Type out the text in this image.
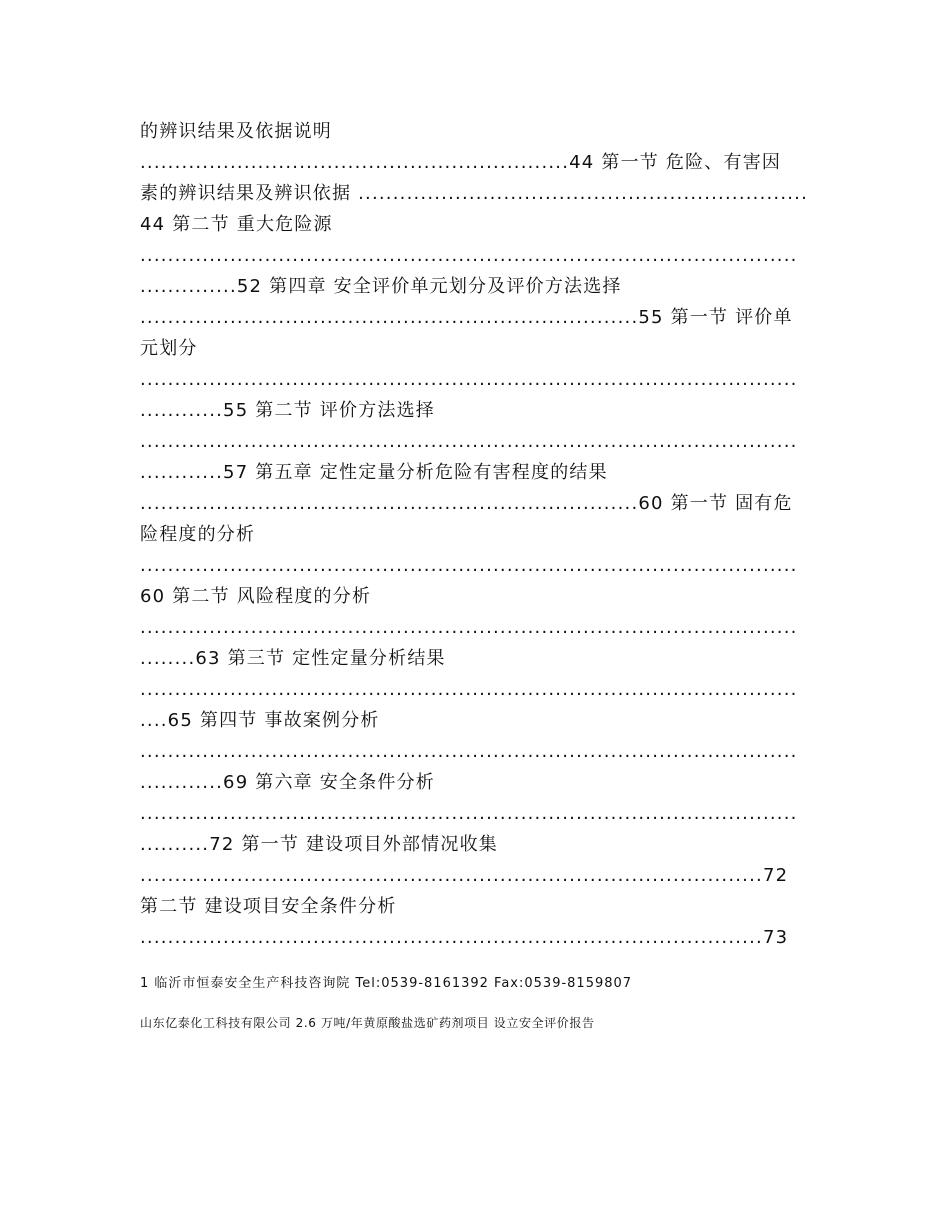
的辨识结果及依据说明
..............................................................44 第一节 危险、有害因
素的辨识结果及辨识依据 .................................................................
44 第二节 重大危险源
...............................................................................................
..............52 第四章 安全评价单元划分及评价方法选择
........................................................................55 第一节 评价单
元划分
...............................................................................................
............55 第二节 评价方法选择
...............................................................................................
............57 第五章 定性定量分析危险有害程度的结果
........................................................................60 第一节 固有危
险程度的分析
...............................................................................................
60 第二节 风险程度的分析
...............................................................................................
........63 第三节 定性定量分析结果
...............................................................................................
....65 第四节 事故案例分析
...............................................................................................
............69 第六章 安全条件分析
...............................................................................................
..........72 第一节 建设项目外部情况收集
..........................................................................................72
第二节 建设项目安全条件分析
..........................................................................................73
1 临沂市恒泰安全生产科技咨询院 Tel:0539-8161392 Fax:0539-8159807
山东亿泰化工科技有限公司 2.6 万吨/年黄原酸盐选矿药剂项目 设立安全评价报告
